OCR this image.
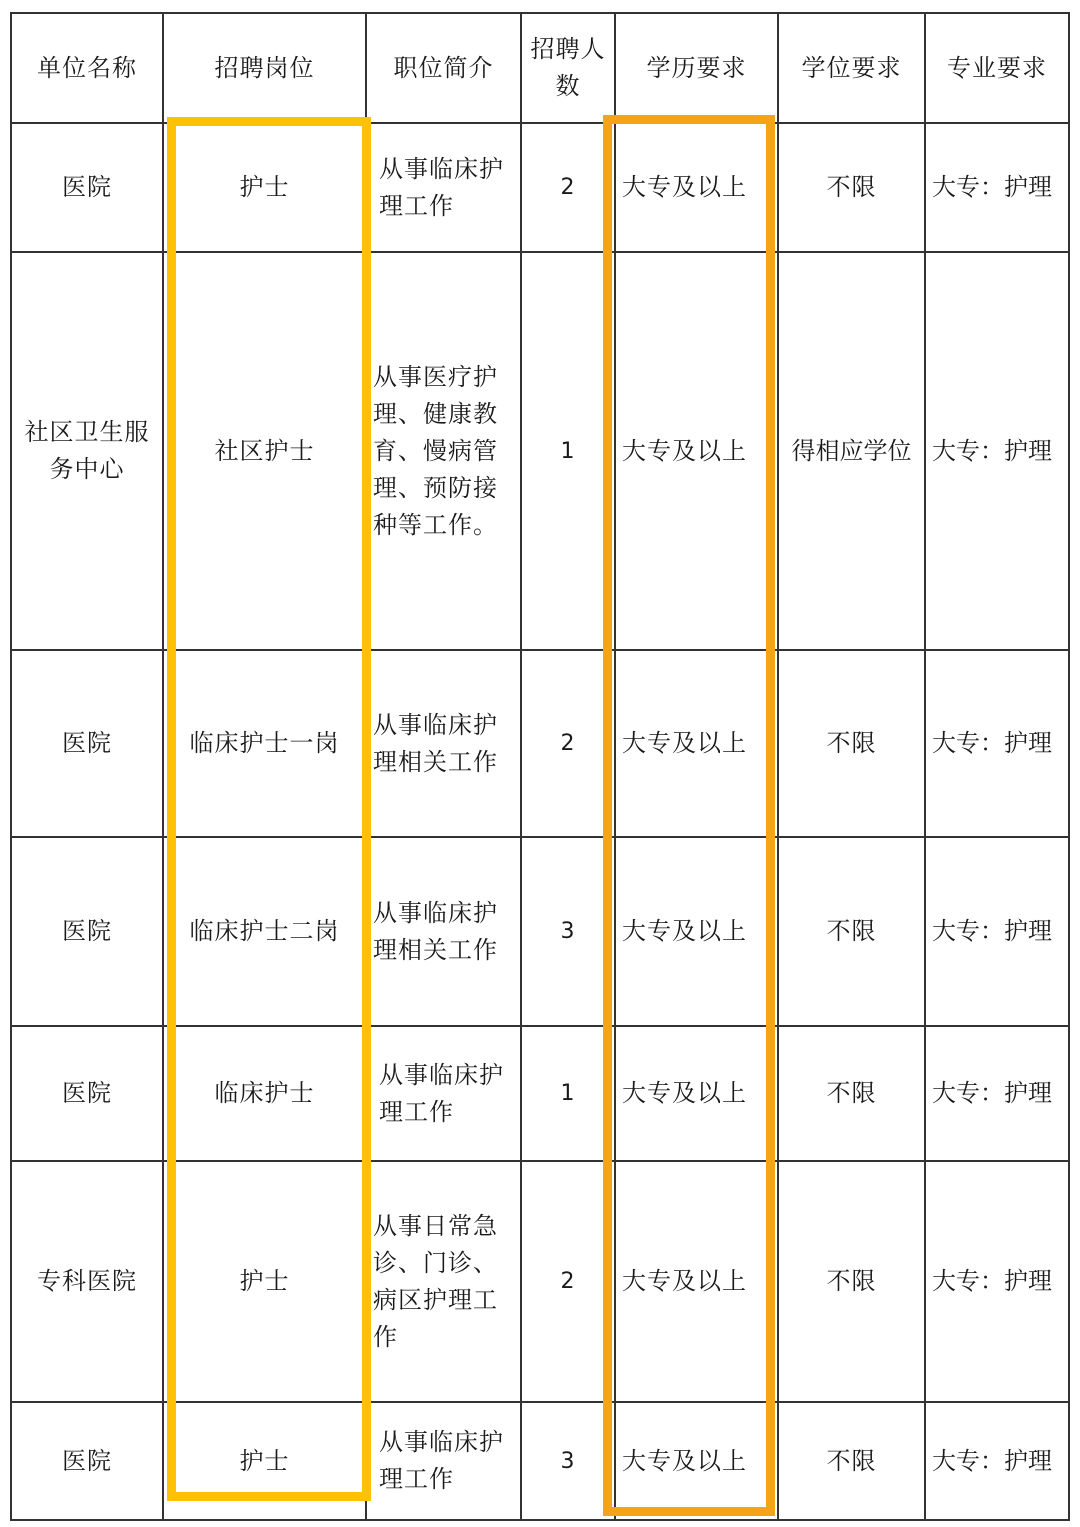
单位名称	招聘岗位	职位简介	招聘人数	学历要求	学位要求	专业要求
医院	护士	从事临床护理工作	2	大专及以上	不限	大专：护理
社区卫生服务中心	社区护士	从事医疗护理、健康教育、慢病管理、预防接种等工作。	1	大专及以上	得相应学位	大专：护理
医院	临床护士一岗	从事临床护理相关工作	2	大专及以上	不限	大专：护理
医院	临床护士二岗	从事临床护理相关工作	3	大专及以上	不限	大专：护理
医院	临床护士	从事临床护理工作	1	大专及以上	不限	大专：护理
专科医院	护士	从事日常急诊、门诊、病区护理工作	2	大专及以上	不限	大专：护理
医院	护士	从事临床护理工作	3	大专及以上	不限	大专：护理
